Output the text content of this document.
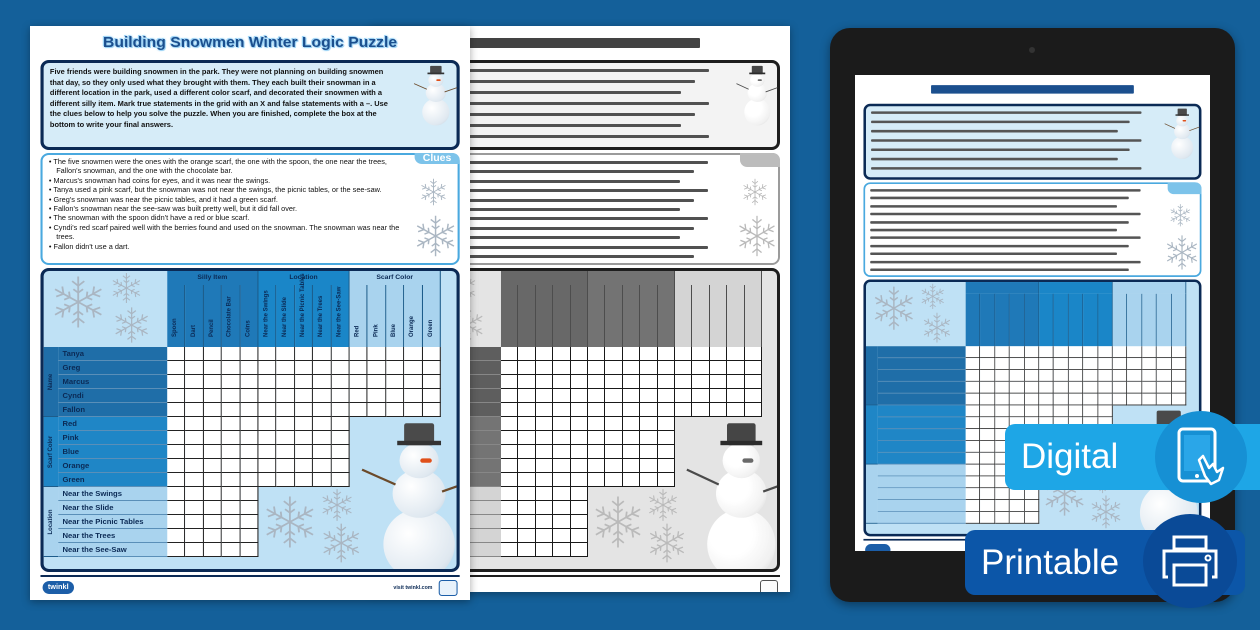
Building Snowmen Winter Logic Puzzle
Five friends were building snowmen in the park. They were not planning on building snowmen that day, so they only used what they brought with them. They each built their snowman in a different location in the park, used a different color scarf, and decorated their snowmen with a different silly item. Mark true statements in the grid with an X and false statements with a –. Use the clues below to help you solve the puzzle. When you are finished, complete the box at the bottom to write your final answers.
Clues
• The five snowmen were the ones with the orange scarf, the one with the spoon, the one near the trees, Fallon's snowman, and the one with the chocolate bar.
• Marcus's snowman had coins for eyes, and it was near the swings.
• Tanya used a pink scarf, but the snowman was not near the swings, the picnic tables, or the see-saw.
• Greg's snowman was near the picnic tables, and it had a green scarf.
• Fallon's snowman near the see-saw was built pretty well, but it did fall over.
• The snowman with the spoon didn't have a red or blue scarf.
• Cyndi's red scarf paired well with the berries found and used on the snowman. The snowman was near the trees.
• Fallon didn't use a dart.
Silly Item
Spoon Dart Pencil Chocolate Bar Coins
Location
Near the Swings Near the Slide Near the Picnic Tables Near the Trees Near the See-Saw
Scarf Color
Red Pink Blue Orange Green
Name
Tanya
Greg
Marcus
Cyndi
Fallon
Scarf Color
Red
Pink
Blue
Orange
Green
Location
Near the Swings
Near the Slide
Near the Picnic Tables
Near the Trees
Near the See-Saw
twinkl	visit twinkl.com
Digital
Printable
